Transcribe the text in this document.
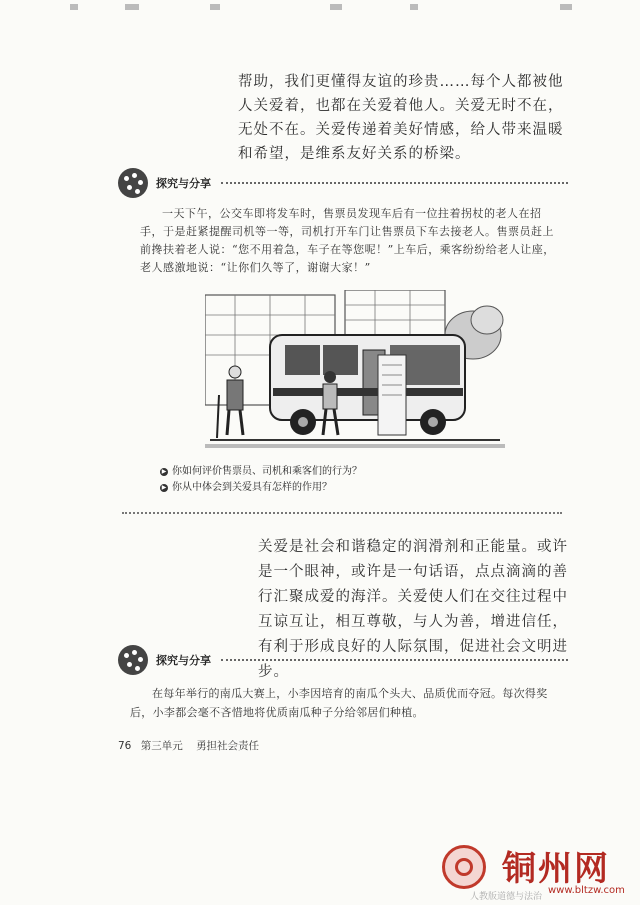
帮助，我们更懂得友谊的珍贵……每个人都被他人关爱着，也都在关爱着他人。关爱无时不在，无处不在。关爱传递着美好情感，给人带来温暖和希望，是维系友好关系的桥梁。
探究与分享
一天下午，公交车即将发车时，售票员发现车后有一位拄着拐杖的老人在招手，于是赶紧提醒司机等一等，司机打开车门让售票员下车去接老人。售票员赶上前搀扶着老人说：“您不用着急，车子在等您呢！”上车后，乘客纷纷给老人让座，老人感激地说：“让你们久等了，谢谢大家！”
▶ 你如何评价售票员、司机和乘客们的行为？
▶ 你从中体会到关爱具有怎样的作用？
关爱是社会和谐稳定的润滑剂和正能量。或许是一个眼神，或许是一句话语，点点滴滴的善行汇聚成爱的海洋。关爱使人们在交往过程中互谅互让，相互尊敬，与人为善，增进信任，有利于形成良好的人际氛围，促进社会文明进步。
探究与分享
在每年举行的南瓜大赛上，小李因培育的南瓜个头大、品质优而夺冠。每次得奖后，小李都会毫不吝惜地将优质南瓜种子分给邻居们种植。
76 第三单元 勇担社会责任
铜州网
人教版道德与法治
www.bltzw.com
